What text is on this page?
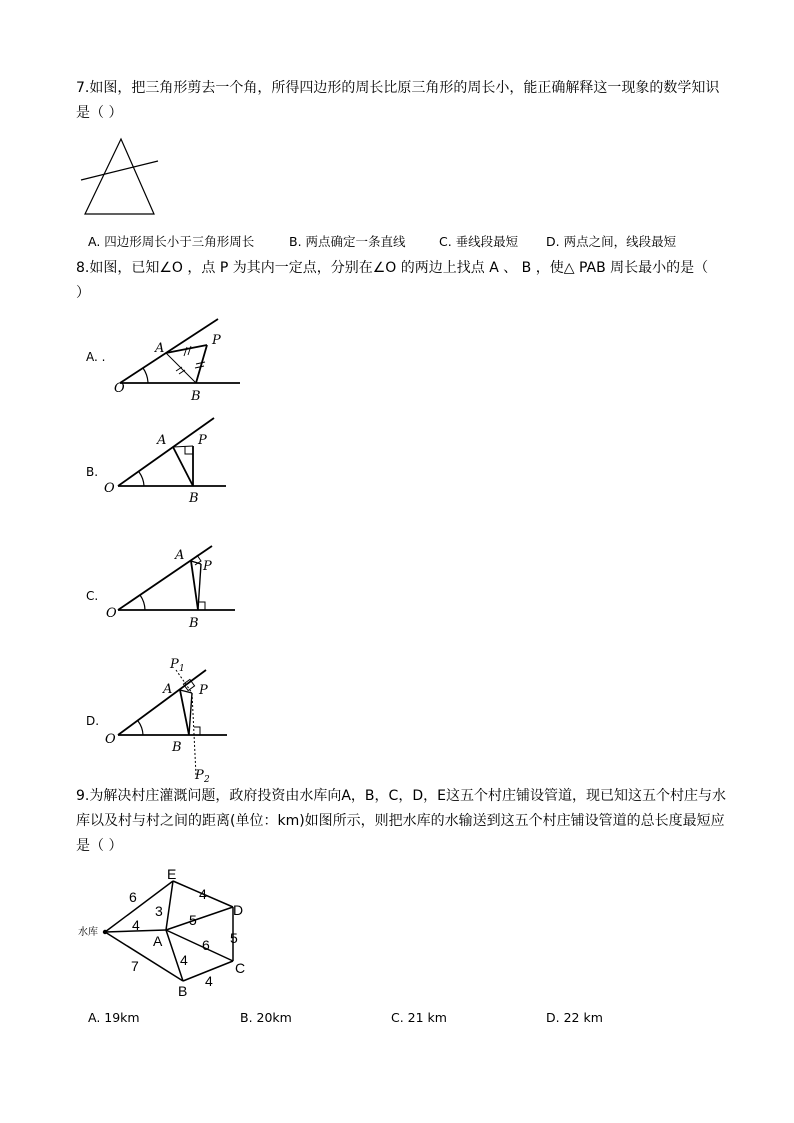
7.如图，把三角形剪去一个角，所得四边形的周长比原三角形的周长小，能正确解释这一现象的数学知识
是（ ）
A. 四边形周长小于三角形周长	B. 两点确定一条直线	C. 垂线段最短 D. 两点之间，线段最短
8.如图，已知∠O ，点 P 为其内一定点，分别在∠O 的两边上找点 A 、 B ，使△ PAB 周长最小的是（
）
A. .
O
A
P
B
B.
O
A P
B
C.
O
A
P
B
D.
O
A P
B
P 1
P 2
9.为解决村庄灌溉问题，政府投资由水库向A，B，C，D，E这五个村庄铺设管道，现已知这五个村庄与水
库以及村与村之间的距离(单位：km)如图所示，则把水库的水输送到这五个村庄铺设管道的总长度最短应
是（ ）
水库
A
B
C
D
E
6
4
7
3
4
5
6 5
4
4
A. 19km	B. 20km	C. 21 km	D. 22 km
